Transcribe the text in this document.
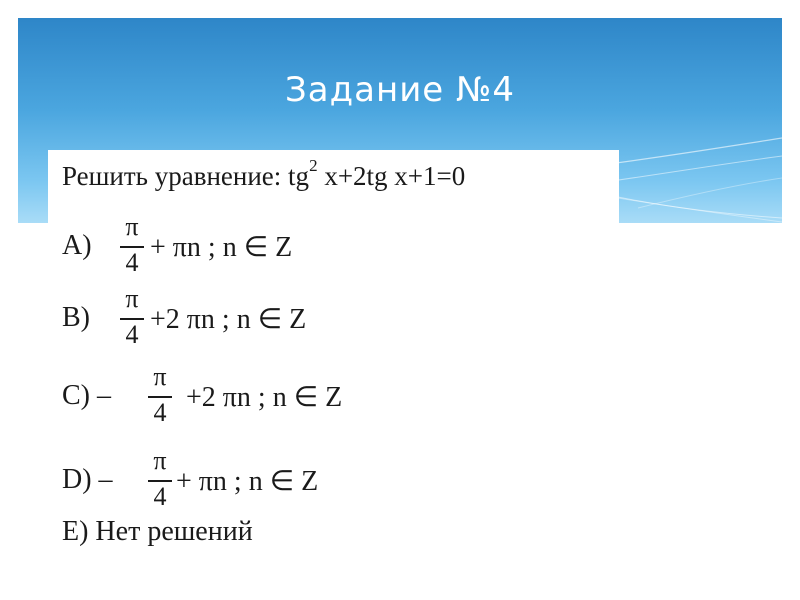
Задание №4
Решить уравнение: $tg^2$ x+2tg x+1=0
A)
π
4 + πn ; n ∈ Z
B)
π
4 +2 πn ; n ∈ Z
C) –
π
4 +2 πn ; n ∈ Z
D) –
π
4 + πn ; n ∈ Z
E) Нет решений
